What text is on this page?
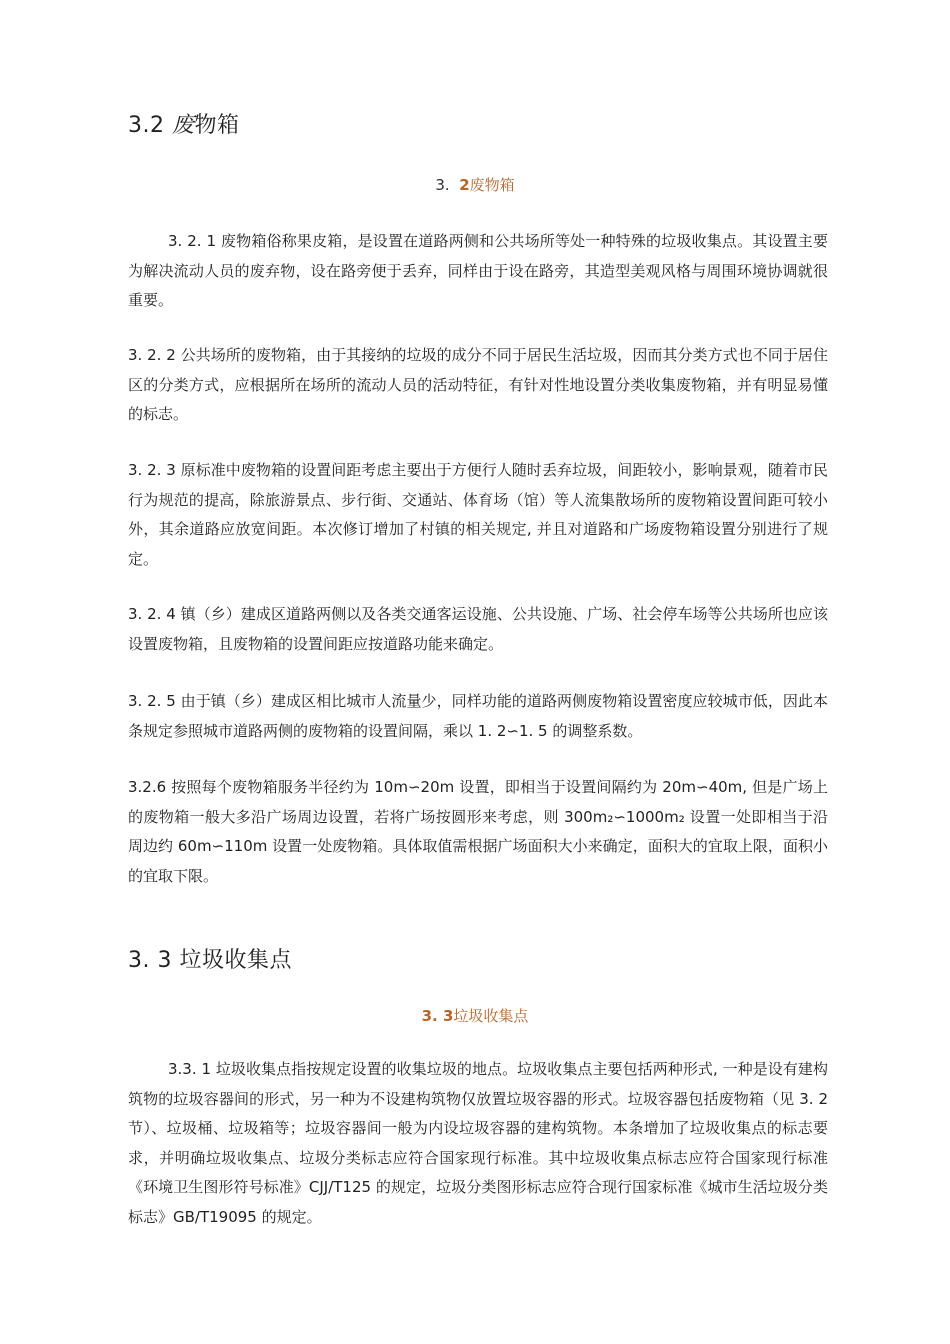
3.2 废物箱
3. 2废物箱

3. 2. 1 废物箱俗称果皮箱，是设置在道路两侧和公共场所等处一种特殊的垃圾收集点。其设置主要为解决流动人员的废弃物，设在路旁便于丢弃，同样由于设在路旁，其造型美观风格与周围环境协调就很重要。

3. 2. 2 公共场所的废物箱，由于其接纳的垃圾的成分不同于居民生活垃圾，因而其分类方式也不同于居住区的分类方式，应根据所在场所的流动人员的活动特征，有针对性地设置分类收集废物箱，并有明显易懂的标志。

3. 2. 3 原标准中废物箱的设置间距考虑主要出于方便行人随时丢弃垃圾，间距较小，影响景观，随着市民行为规范的提高，除旅游景点、步行街、交通站、体育场（馆）等人流集散场所的废物箱设置间距可较小外，其余道路应放宽间距。本次修订增加了村镇的相关规定, 并且对道路和广场废物箱设置分别进行了规定。

3. 2. 4 镇（乡）建成区道路两侧以及各类交通客运设施、公共设施、广场、社会停车场等公共场所也应该设置废物箱，且废物箱的设置间距应按道路功能来确定。

3. 2. 5 由于镇（乡）建成区相比城市人流量少，同样功能的道路两侧废物箱设置密度应较城市低，因此本条规定参照城市道路两侧的废物箱的设置间隔，乘以 1. 2∽1. 5 的调整系数。

3.2.6 按照每个废物箱服务半径约为 10m∽20m 设置，即相当于设置间隔约为 20m∽40m, 但是广场上的废物箱一般大多沿广场周边设置，若将广场按圆形来考虑，则 300m₂∽1000m₂ 设置一处即相当于沿周边约 60m∽110m 设置一处废物箱。具体取值需根据广场面积大小来确定，面积大的宜取上限，面积小的宜取下限。

3. 3 垃圾收集点
3. 3垃圾收集点

3.3. 1 垃圾收集点指按规定设置的收集垃圾的地点。垃圾收集点主要包括两种形式, 一种是设有建构筑物的垃圾容器间的形式，另一种为不设建构筑物仅放置垃圾容器的形式。垃圾容器包括废物箱（见 3. 2 节）、垃圾桶、垃圾箱等；垃圾容器间一般为内设垃圾容器的建构筑物。本条增加了垃圾收集点的标志要求，并明确垃圾收集点、垃圾分类标志应符合国家现行标准。其中垃圾收集点标志应符合国家现行标准《环境卫生图形符号标准》CJJ/T125 的规定，垃圾分类图形标志应符合现行国家标准《城市生活垃圾分类标志》GB/T19095 的规定。
